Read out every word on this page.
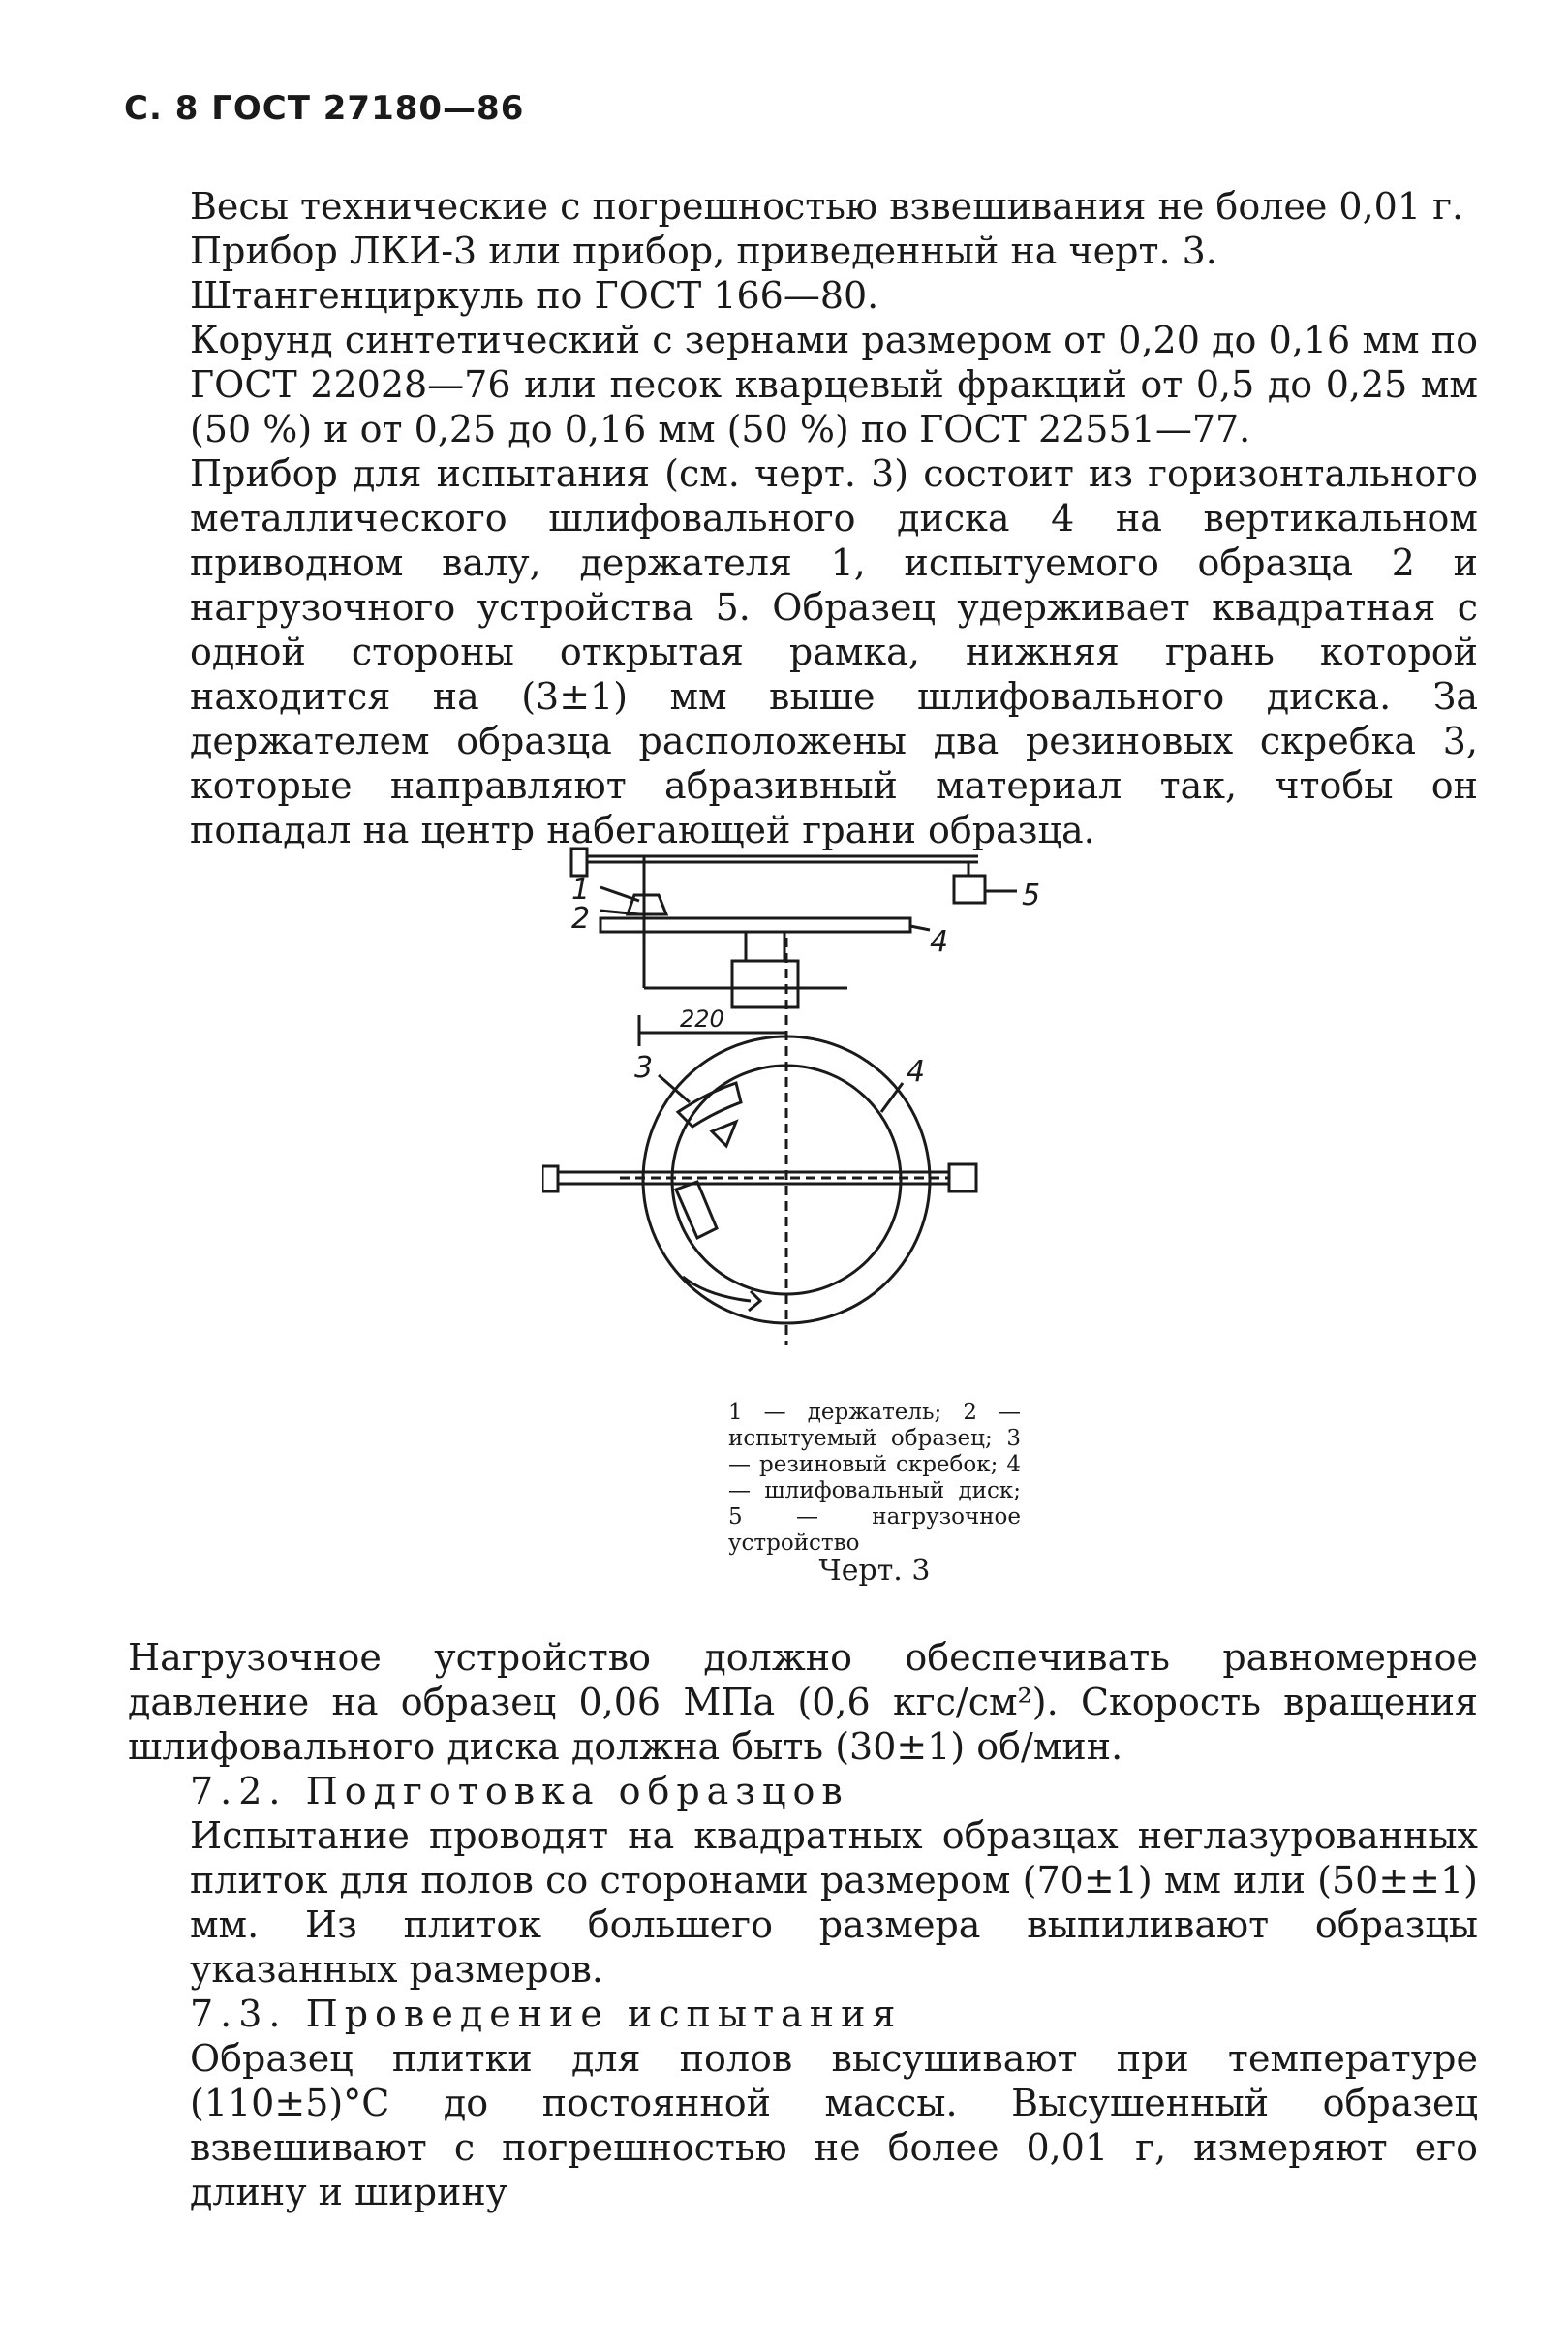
С. 8 ГОСТ 27180—86

Весы технические с погрешностью взвешивания не более 0,01 г.

Прибор ЛКИ-3 или прибор, приведенный на черт. 3.

Штангенциркуль по ГОСТ 166—80.

Корунд синтетический с зернами размером от 0,20 до 0,16 мм по ГОСТ 22028—76 или песок кварцевый фракций от 0,5 до 0,25 мм (50 %) и от 0,25 до 0,16 мм (50 %) по ГОСТ 22551—77.

Прибор для испытания (см. черт. 3) состоит из горизонтального металлического шлифовального диска 4 на вертикальном приводном валу, держателя 1, испытуемого образца 2 и нагрузочного устройства 5. Образец удерживает квадратная с одной стороны открытая рамка, нижняя грань которой находится на (3±1) мм выше шлифовального диска. За держателем образца расположены два резиновых скребка 3, которые направляют абразивный материал так, чтобы он попадал на центр набегающей грани образца.

1
2
3
4
5
4
220
1 — держатель; 2 — испытуемый образец; 3 — резиновый скребок; 4 — шлифовальный диск; 5 — нагрузочное устройство
Черт. 3

Нагрузочное устройство должно обеспечивать равномерное давление на образец 0,06 МПа (0,6 кгс/см²). Скорость вращения шлифовального диска должна быть (30±1) об/мин.

7.2. Подготовка образцов

Испытание проводят на квадратных образцах неглазурованных плиток для полов со сторонами размером (70±1) мм или (50±±1) мм. Из плиток большего размера выпиливают образцы указанных размеров.

7.3. Проведение испытания

Образец плитки для полов высушивают при температуре (110±5)°С до постоянной массы. Высушенный образец взвешивают с погрешностью не более 0,01 г, измеряют его длину и ширину
